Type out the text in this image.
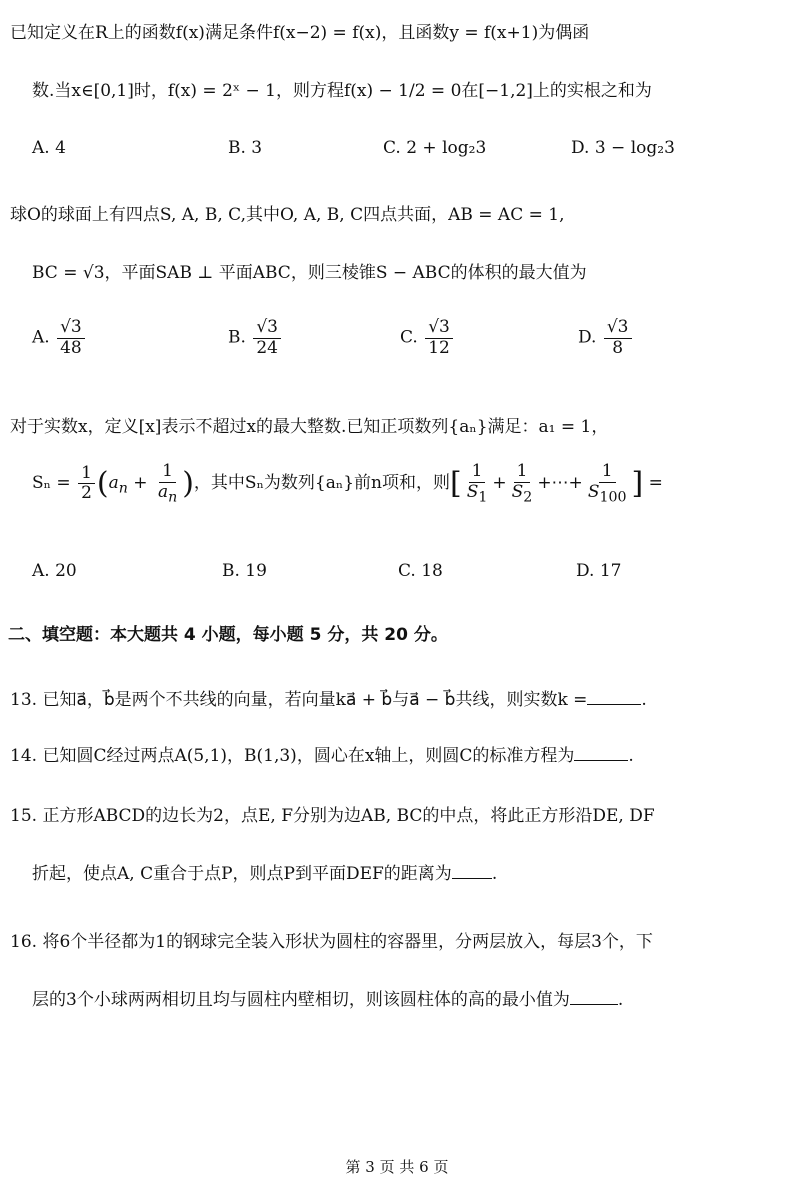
已知定义在R上的函数f(x)满足条件f(x−2) = f(x)，且函数y = f(x+1)为偶函
数.当x∈[0,1]时，f(x) = 2ˣ − 1，则方程f(x) − 1/2 = 0在[−1,2]上的实根之和为
A. 4	B. 3	C. 2 + log₂3	D. 3 − log₂3
球O的球面上有四点S, A, B, C,其中O, A, B, C四点共面，AB = AC = 1,
BC = √3，平面SAB ⊥ 平面ABC，则三棱锥S − ABC的体积的最大值为
A. $\frac{√3}{48}$	B. $\frac{√3}{24}$	C. $\frac{√3}{12}$	D. $\frac{√3}{8}$
对于实数x，定义[x]表示不超过x的最大整数.已知正项数列{aₙ}满足：a₁ = 1，
$S_n = \frac{1}{2} (a_n + \frac{1}{a_n}$ )，其中Sₙ为数列{aₙ}前n项和，则[ $\frac{1}{S_1} + \frac{1}{S_2}$ +⋯+ $\frac{1}{S_{100}}$ ] =
A. 20	B. 19	C. 18	D. 17
二、填空题：本大题共 4 小题，每小题 5 分，共 20 分。
13. 已知a⃗，b⃗是两个不共线的向量，若向量ka⃗ + b⃗与a⃗ − b⃗共线，则实数k =	.
14. 已知圆C经过两点A(5,1)，B(1,3)，圆心在x轴上，则圆C的标准方程为	.
15. 正方形ABCD的边长为2，点E, F分别为边AB, BC的中点，将此正方形沿DE, DF
折起，使点A, C重合于点P，则点P到平面DEF的距离为 .
16. 将6个半径都为1的钢球完全装入形状为圆柱的容器里，分两层放入，每层3个，下
层的3个小球两两相切且均与圆柱内壁相切，则该圆柱体的高的最小值为	.
第 3 页 共 6 页
